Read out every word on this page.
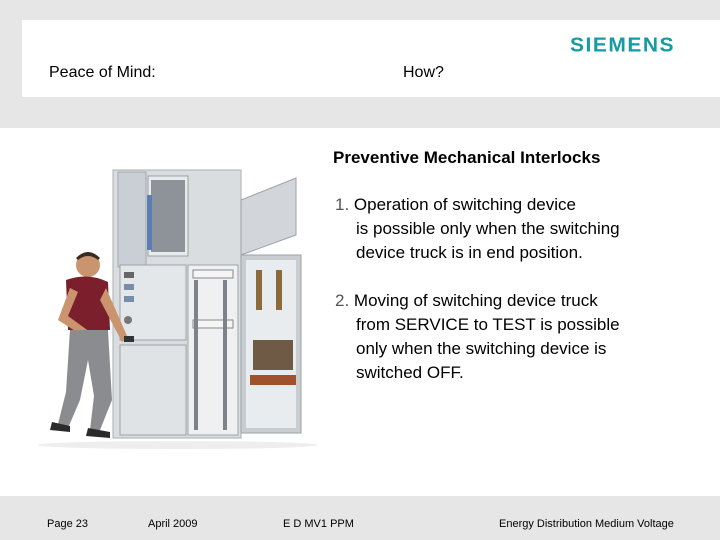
SIEMENS
Peace of Mind:	How?
Preventive Mechanical Interlocks
1. Operation of switching device
is possible only when the switching
device truck is in end position.
2. Moving of switching device truck
from SERVICE to TEST is possible
only when the switching device is
switched OFF.
Page 23	April 2009	E D MV1 PPM	Energy Distribution Medium Voltage
